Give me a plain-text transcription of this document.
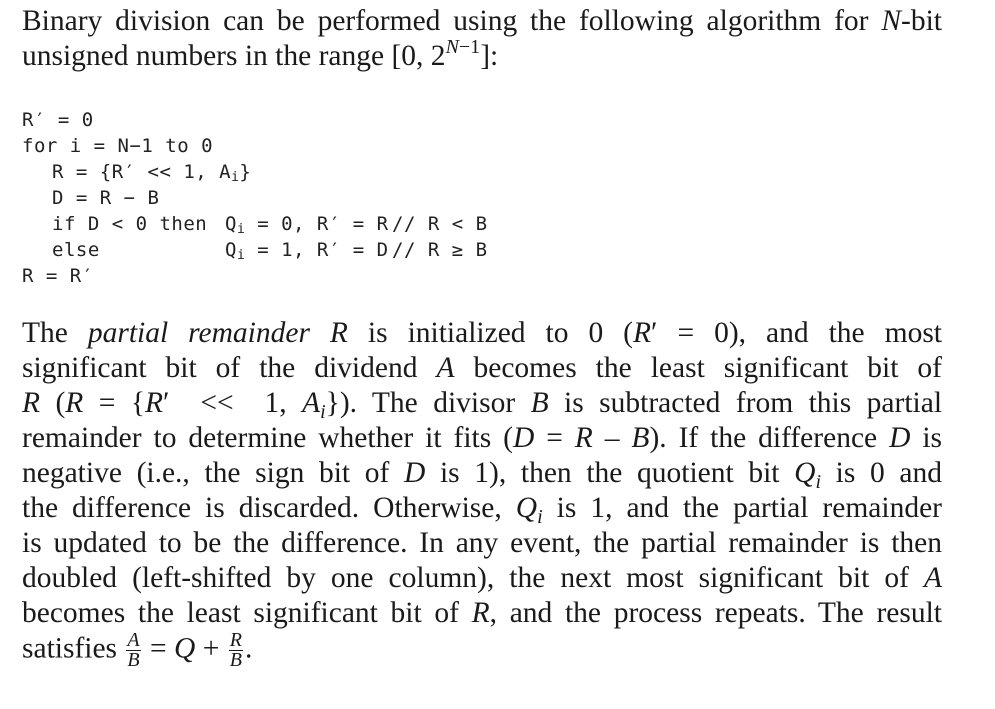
Binary division can be performed using the following algorithm for N-bit
unsigned numbers in the range [0, $2^{N-1}$]:
R′ = 0
for i = N−1 to 0
R = {R′ << 1, $A_i$}
D = R − B
if D < 0 then $Q_i = 0$, R′ = R // R < B
else	$Q_i = 1$, R′ = D // R ≥ B
R = R′
The partial remainder R is initialized to 0 (R′ = 0), and the most
significant bit of the dividend A becomes the least significant bit of
R (R = {R′  <<  1, $A_i$}). The divisor B is subtracted from this partial
remainder to determine whether it fits (D = R – B). If the difference D is
negative (i.e., the sign bit of D is 1), then the quotient bit $Q_i$ is 0 and
the difference is discarded. Otherwise, $Q_i$ is 1, and the partial remainder
is updated to be the difference. In any event, the partial remainder is then
doubled (left-shifted by one column), the next most significant bit of A
becomes the least significant bit of R, and the process repeats. The result
satisfies $\frac{A}{B} = Q + \frac{R}{B}$ .
